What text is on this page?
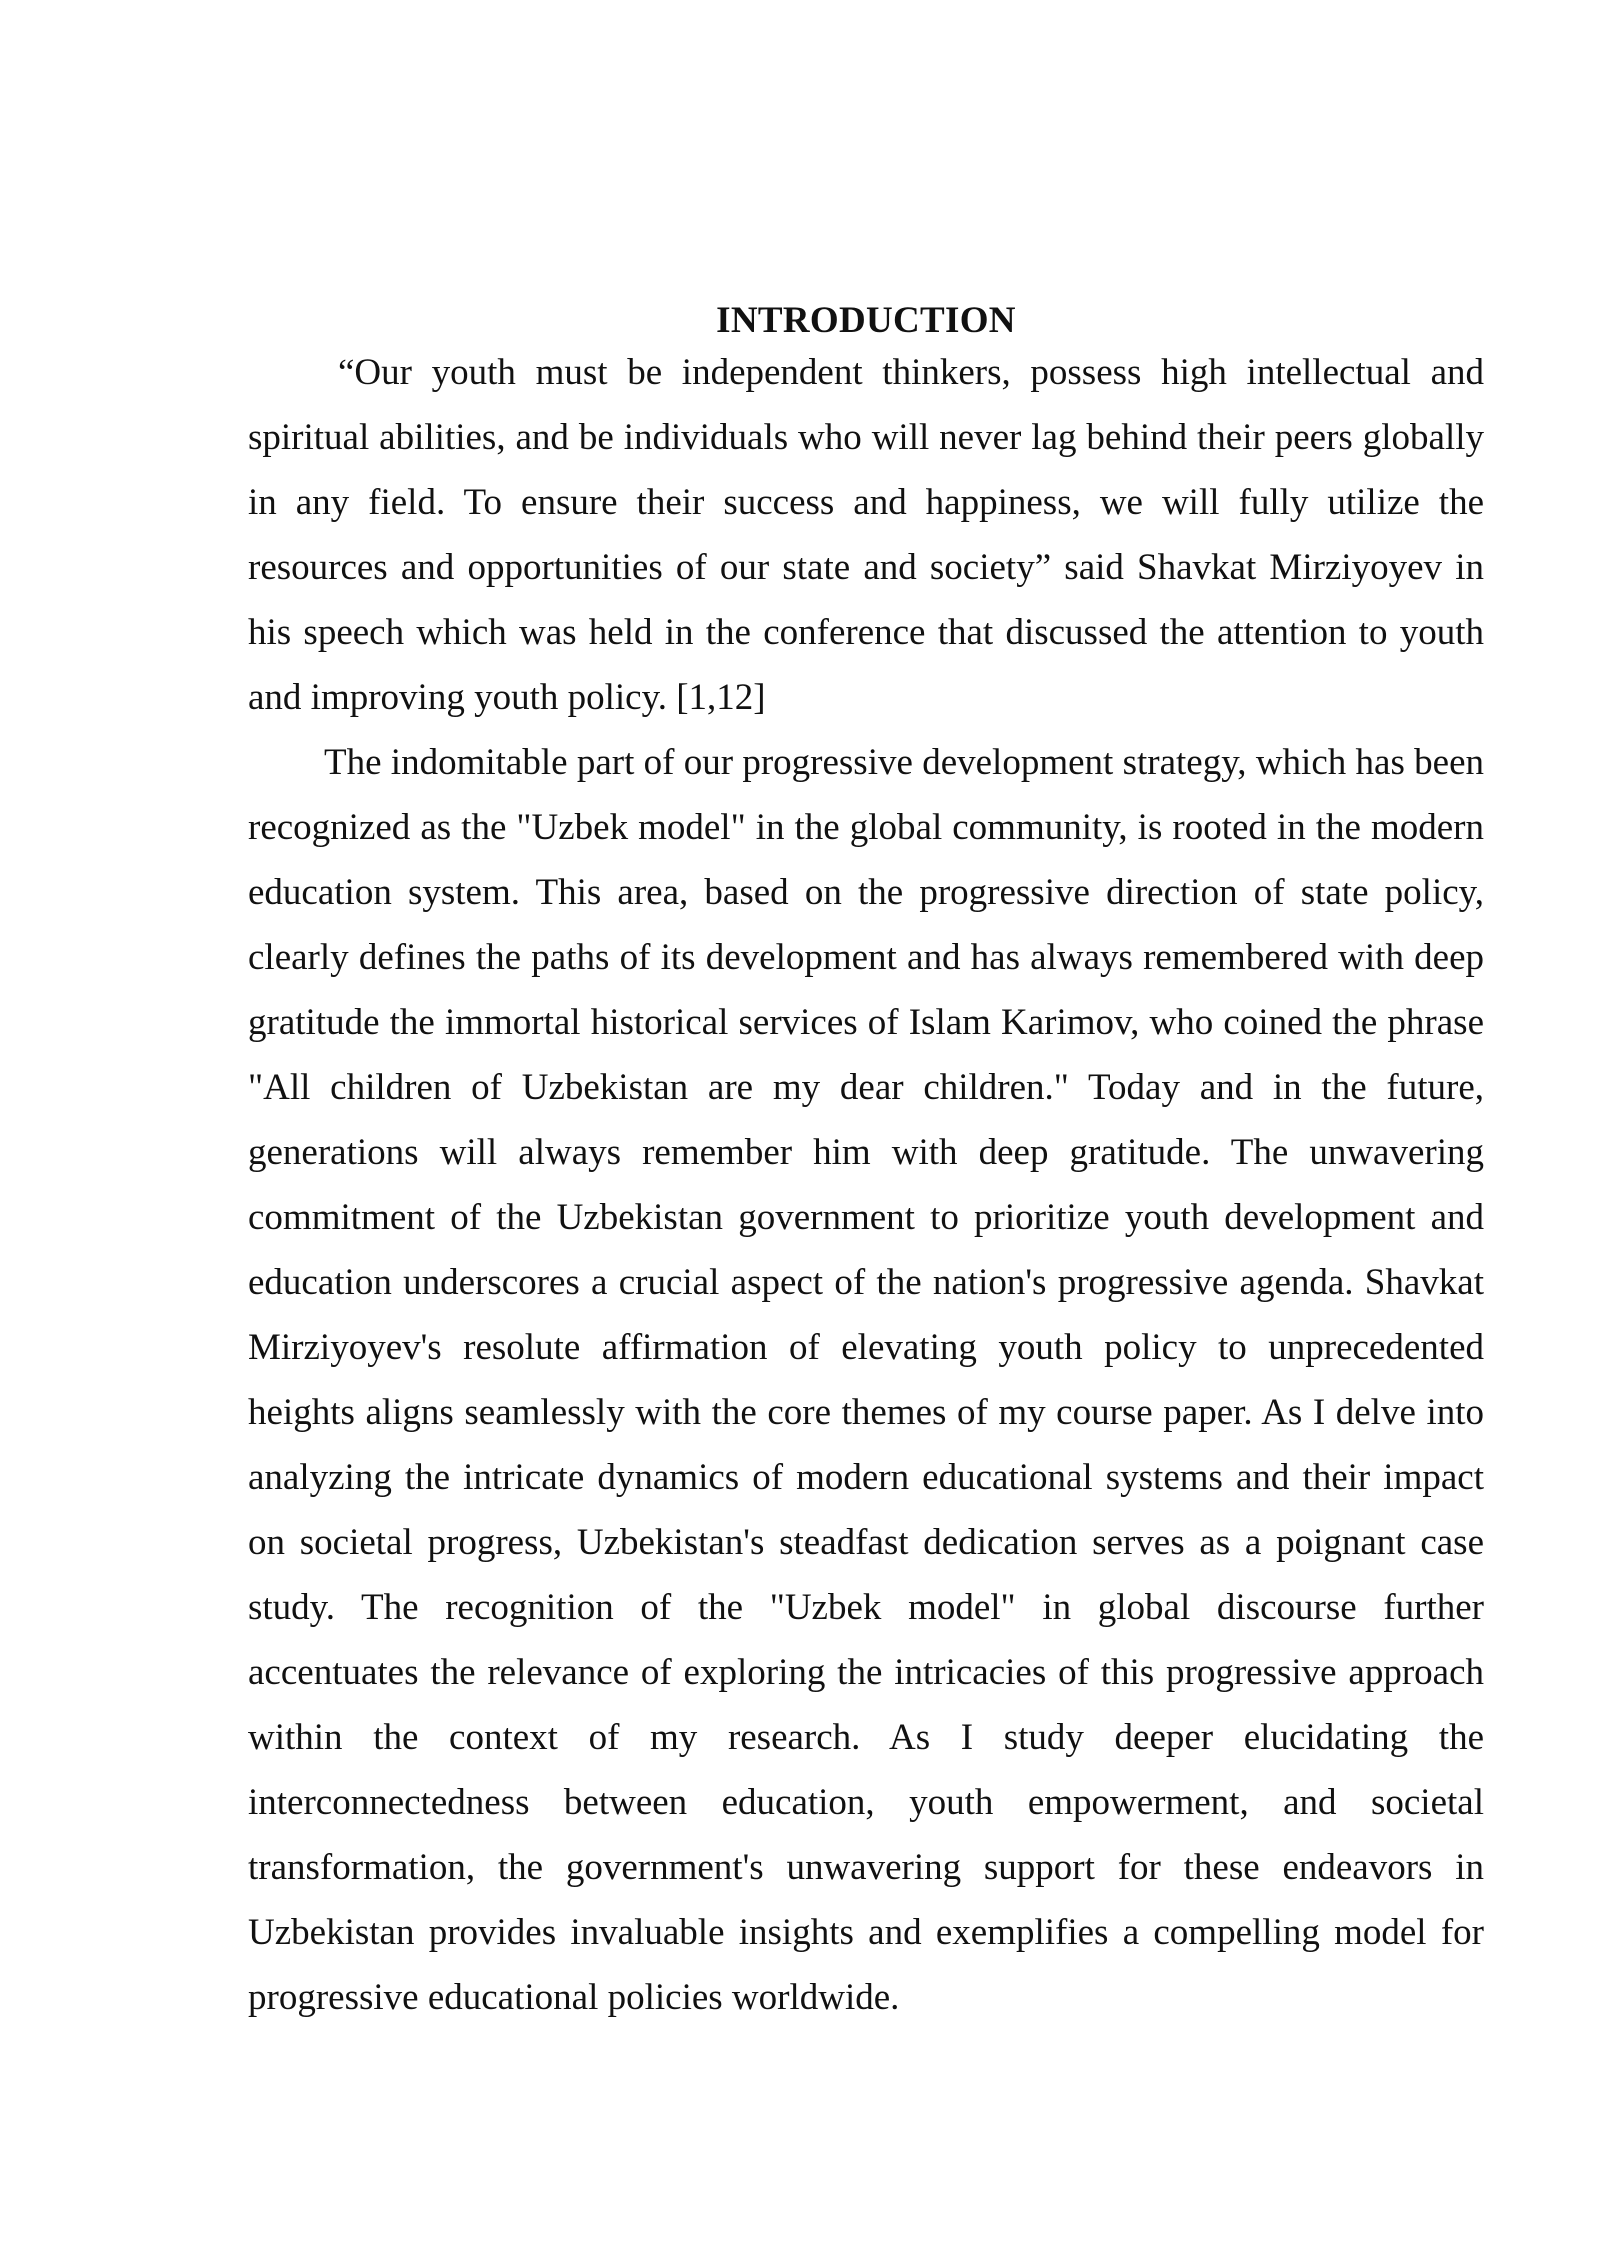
INTRODUCTION

“Our youth must be independent thinkers, possess high intellectual and spiritual abilities, and be individuals who will never lag behind their peers globally in any field. To ensure their success and happiness, we will fully utilize the resources and opportunities of our state and society” said Shavkat Mirziyoyev in his speech which was held in the conference that discussed the attention to youth and improving youth policy. [1,12]

The indomitable part of our progressive development strategy, which has been recognized as the "Uzbek model" in the global community, is rooted in the modern education system. This area, based on the progressive direction of state policy, clearly defines the paths of its development and has always remembered with deep gratitude the immortal historical services of Islam Karimov, who coined the phrase "All children of Uzbekistan are my dear children." Today and in the future, generations will always remember him with deep gratitude. The unwavering commitment of the Uzbekistan government to prioritize youth development and education underscores a crucial aspect of the nation's progressive agenda. Shavkat Mirziyoyev's resolute affirmation of elevating youth policy to unprecedented heights aligns seamlessly with the core themes of my course paper. As I delve into analyzing the intricate dynamics of modern educational systems and their impact on societal progress, Uzbekistan's steadfast dedication serves as a poignant case study. The recognition of the "Uzbek model" in global discourse further accentuates the relevance of exploring the intricacies of this progressive approach within the context of my research. As I study deeper elucidating the interconnectedness between education, youth empowerment, and societal transformation, the government's unwavering support for these endeavors in Uzbekistan provides invaluable insights and exemplifies a compelling model for progressive educational policies worldwide.
